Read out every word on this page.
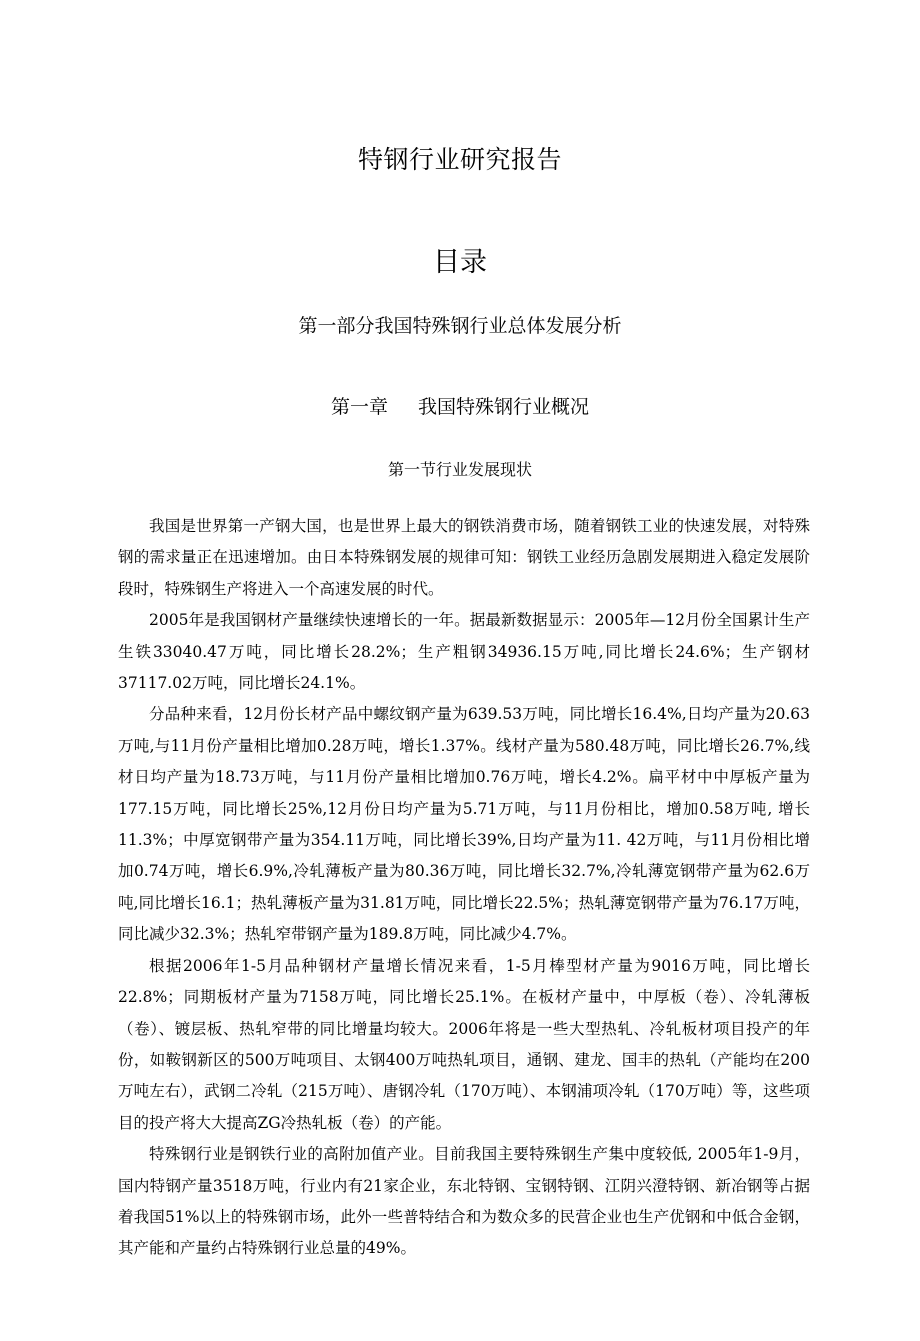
特钢行业研究报告
目录
第一部分我国特殊钢行业总体发展分析
第一章 我国特殊钢行业概况
第一节行业发展现状

我国是世界第一产钢大国，也是世界上最大的钢铁消费市场，随着钢铁工业的快速发展，对特殊钢的需求量正在迅速增加。由日本特殊钢发展的规律可知：钢铁工业经历急剧发展期进入稳定发展阶段时，特殊钢生产将进入一个高速发展的时代。

2005年是我国钢材产量继续快速增长的一年。据最新数据显示：2005年—12月份全国累计生产生铁33040.47万吨，同比增长28.2%；生产粗钢34936.15万吨,同比增长24.6%；生产钢材37117.02万吨，同比增长24.1%。

分品种来看，12月份长材产品中螺纹钢产量为639.53万吨，同比增长16.4%,日均产量为20.63万吨,与11月份产量相比增加0.28万吨，增长1.37%。线材产量为580.48万吨，同比增长26.7%,线材日均产量为18.73万吨，与11月份产量相比增加0.76万吨，增长4.2%。扁平材中中厚板产量为177.15万吨，同比增长25%,12月份日均产量为5.71万吨，与11月份相比，增加0.58万吨, 增长11.3%；中厚宽钢带产量为354.11万吨，同比增长39%,日均产量为11. 42万吨，与11月份相比增加0.74万吨，增长6.9%,冷轧薄板产量为80.36万吨，同比增长32.7%,冷轧薄宽钢带产量为62.6万吨,同比增长16.1；热轧薄板产量为31.81万吨，同比增长22.5%；热轧薄宽钢带产量为76.17万吨，同比减少32.3%；热轧窄带钢产量为189.8万吨，同比减少4.7%。

根据2006年1-5月品种钢材产量增长情况来看，1-5月棒型材产量为9016万吨，同比增长22.8%；同期板材产量为7158万吨，同比增长25.1%。在板材产量中，中厚板（卷）、冷轧薄板（卷）、镀层板、热轧窄带的同比增量均较大。2006年将是一些大型热轧、冷轧板材项目投产的年份，如鞍钢新区的500万吨项目、太钢400万吨热轧项目，通钢、建龙、国丰的热轧（产能均在200万吨左右），武钢二冷轧（215万吨）、唐钢冷轧（170万吨）、本钢浦项冷轧（170万吨）等，这些项目的投产将大大提高ZG冷热轧板（卷）的产能。

特殊钢行业是钢铁行业的高附加值产业。目前我国主要特殊钢生产集中度较低, 2005年1-9月，国内特钢产量3518万吨，行业内有21家企业，东北特钢、宝钢特钢、江阴兴澄特钢、新冶钢等占据着我国51%以上的特殊钢市场，此外一些普特结合和为数众多的民营企业也生产优钢和中低合金钢，其产能和产量约占特殊钢行业总量的49%。
